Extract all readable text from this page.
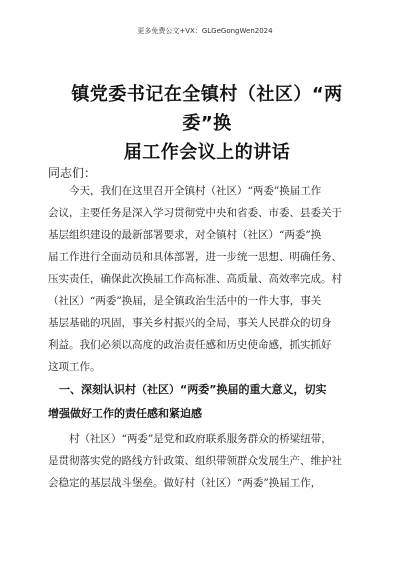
更多免费公文+VX：GLGeGongWen2024
镇党委书记在全镇村（社区）“两委”换
届工作会议上的讲话
同志们：
　　今天，我们在这里召开全镇村（社区）“两委”换届工作
会议，主要任务是深入学习贯彻党中央和省委、市委、县委关于
基层组织建设的最新部署要求，对全镇村（社区）“两委”换
届工作进行全面动员和具体部署，进一步统一思想、明确任务、
压实责任，确保此次换届工作高标准、高质量、高效率完成。村
（社区）“两委”换届，是全镇政治生活中的一件大事，事关
基层基础的巩固，事关乡村振兴的全局，事关人民群众的切身
利益。我们必须以高度的政治责任感和历史使命感，抓实抓好
这项工作。
　一、深刻认识村（社区）“两委”换届的重大意义，切实
增强做好工作的责任感和紧迫感
　　村（社区）“两委”是党和政府联系服务群众的桥梁纽带，
是贯彻落实党的路线方针政策、组织带领群众发展生产、维护社
会稳定的基层战斗堡垒。做好村（社区）“两委”换届工作，
